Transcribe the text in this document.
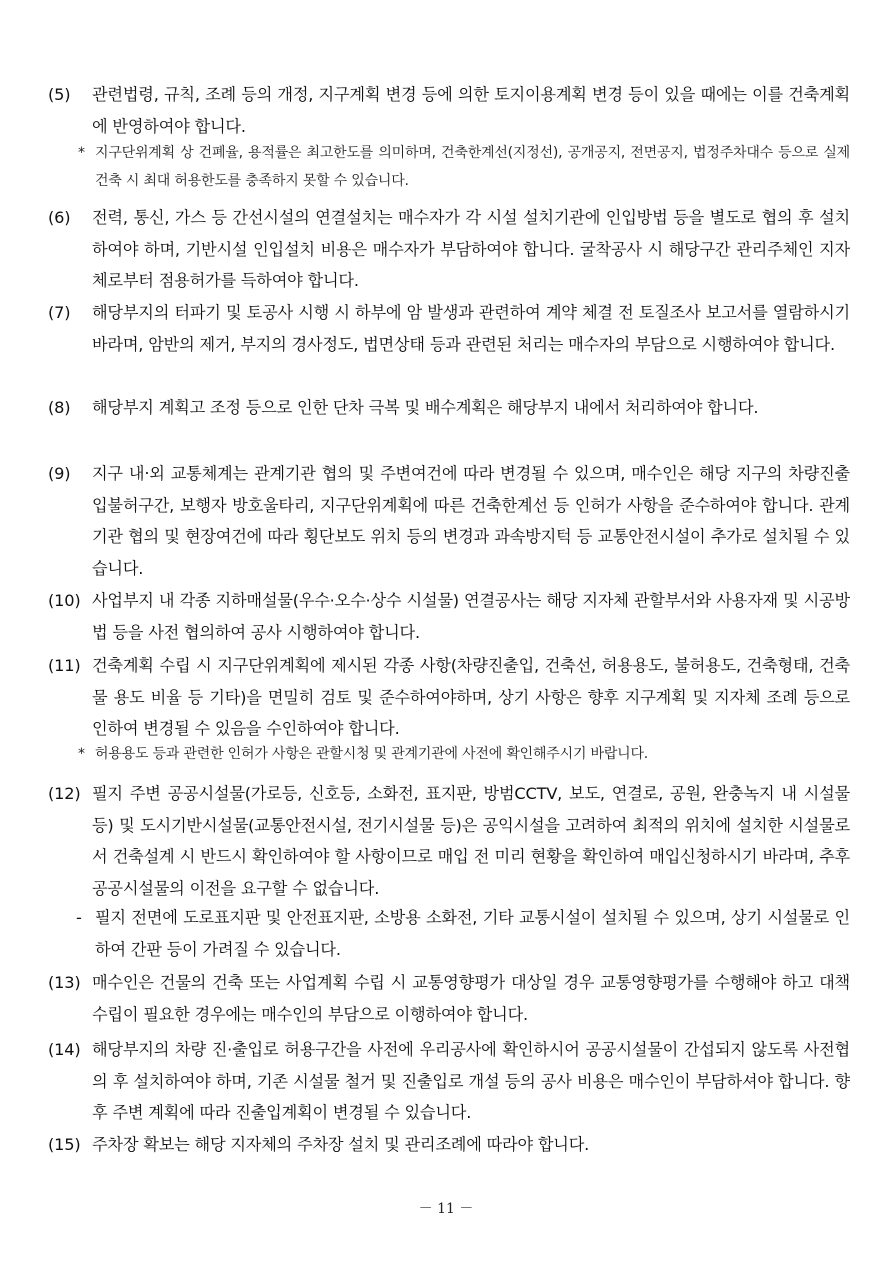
(5)	관련법령, 규칙, 조례 등의 개정, 지구계획 변경 등에 의한 토지이용계획 변경 등이 있을 때에는 이를 건축계획에 반영하여야 합니다.
* 지구단위계획 상 건폐율, 용적률은 최고한도를 의미하며, 건축한계선(지정선), 공개공지, 전면공지, 법정주차대수 등으로 실제 건축 시 최대 허용한도를 충족하지 못할 수 있습니다.
(6)	전력, 통신, 가스 등 간선시설의 연결설치는 매수자가 각 시설 설치기관에 인입방법 등을 별도로 협의 후 설치하여야 하며, 기반시설 인입설치 비용은 매수자가 부담하여야 합니다. 굴착공사 시 해당구간 관리주체인 지자체로부터 점용허가를 득하여야 합니다.
(7)	해당부지의 터파기 및 토공사 시행 시 하부에 암 발생과 관련하여 계약 체결 전 토질조사 보고서를 열람하시기 바라며, 암반의 제거, 부지의 경사정도, 법면상태 등과 관련된 처리는 매수자의 부담으로 시행하여야 합니다.
(8)	해당부지 계획고 조정 등으로 인한 단차 극복 및 배수계획은 해당부지 내에서 처리하여야 합니다.
(9)	지구 내‧외 교통체계는 관계기관 협의 및 주변여건에 따라 변경될 수 있으며, 매수인은 해당 지구의 차량진출입불허구간, 보행자 방호울타리, 지구단위계획에 따른 건축한계선 등 인허가 사항을 준수하여야 합니다. 관계기관 협의 및 현장여건에 따라 횡단보도 위치 등의 변경과 과속방지턱 등 교통안전시설이 추가로 설치될 수 있습니다.
(10) 사업부지 내 각종 지하매설물(우수·오수·상수 시설물) 연결공사는 해당 지자체 관할부서와 사용자재 및 시공방법 등을 사전 협의하여 공사 시행하여야 합니다.
(11) 건축계획 수립 시 지구단위계획에 제시된 각종 사항(차량진출입, 건축선, 허용용도, 불허용도, 건축형태, 건축물 용도 비율 등 기타)을 면밀히 검토 및 준수하여야하며, 상기 사항은 향후 지구계획 및 지자체 조례 등으로 인하여 변경될 수 있음을 수인하여야 합니다.
* 허용용도 등과 관련한 인허가 사항은 관할시청 및 관계기관에 사전에 확인해주시기 바랍니다.
(12) 필지 주변 공공시설물(가로등, 신호등, 소화전, 표지판, 방범CCTV, 보도, 연결로, 공원, 완충녹지 내 시설물 등) 및 도시기반시설물(교통안전시설, 전기시설물 등)은 공익시설을 고려하여 최적의 위치에 설치한 시설물로서 건축설계 시 반드시 확인하여야 할 사항이므로 매입 전 미리 현황을 확인하여 매입신청하시기 바라며, 추후 공공시설물의 이전을 요구할 수 없습니다.
- 필지 전면에 도로표지판 및 안전표지판, 소방용 소화전, 기타 교통시설이 설치될 수 있으며, 상기 시설물로 인하여 간판 등이 가려질 수 있습니다.
(13) 매수인은 건물의 건축 또는 사업계획 수립 시 교통영향평가 대상일 경우 교통영향평가를 수행해야 하고 대책수립이 필요한 경우에는 매수인의 부담으로 이행하여야 합니다.
(14) 해당부지의 차량 진·출입로 허용구간을 사전에 우리공사에 확인하시어 공공시설물이 간섭되지 않도록 사전협의 후 설치하여야 하며, 기존 시설물 철거 및 진출입로 개설 등의 공사 비용은 매수인이 부담하셔야 합니다. 향후 주변 계획에 따라 진출입계획이 변경될 수 있습니다.
(15) 주차장 확보는 해당 지자체의 주차장 설치 및 관리조례에 따라야 합니다.
－ 11 －
